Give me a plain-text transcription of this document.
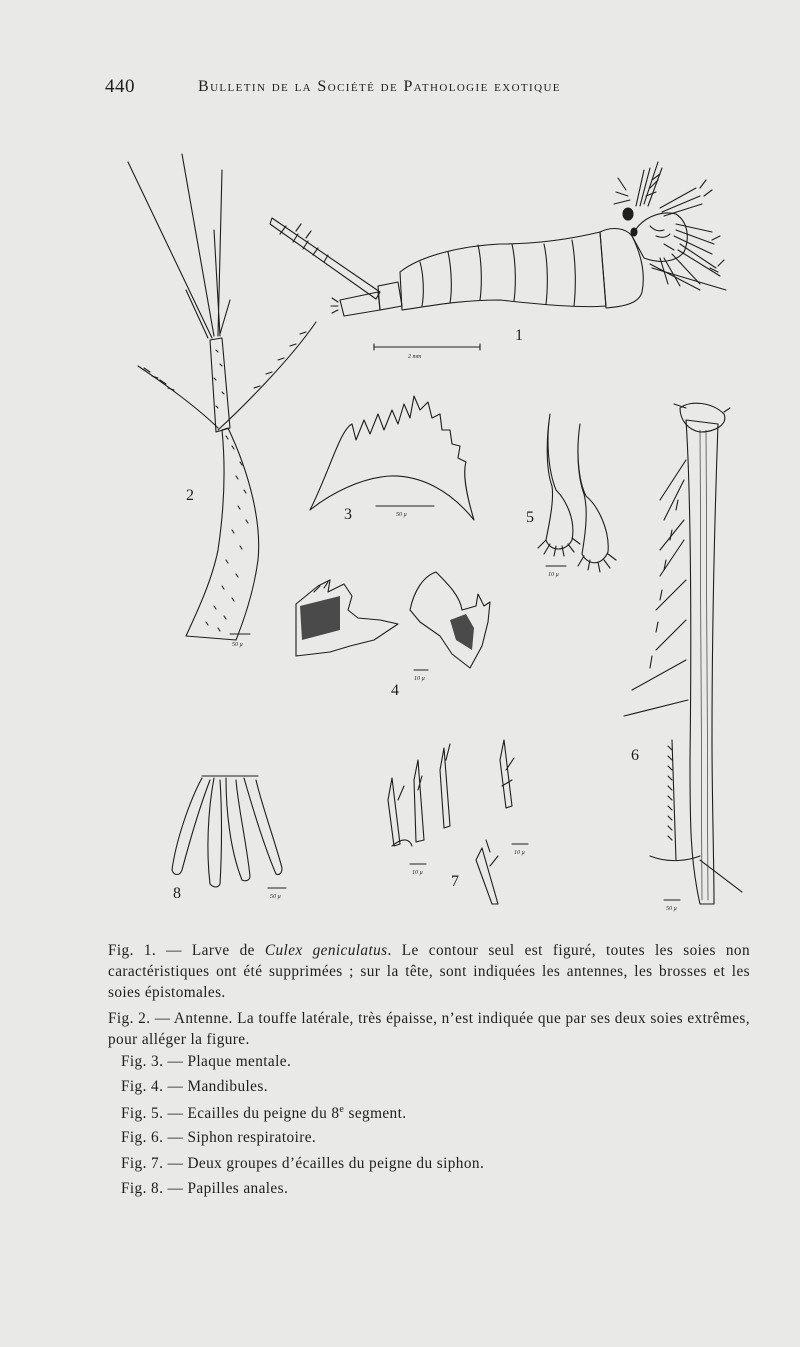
440	Bulletin de la Société de Pathologie exotique
1
2 mm
2
50 µ
3	50 µ
4
10 µ
5
10 µ
6
50 µ
7
10 µ
10 µ
8	50 µ
Fig. 1. — Larve de Culex geniculatus. Le contour seul est figuré, toutes les soies non caractéristiques ont été supprimées ; sur la tête, sont indiquées les antennes, les brosses et les soies épistomales.
Fig. 2. — Antenne. La touffe latérale, très épaisse, n’est indiquée que par ses deux soies extrêmes, pour alléger la figure.
Fig. 3. — Plaque mentale.
Fig. 4. — Mandibules.
Fig. 5. — Ecailles du peigne du 8e segment.
Fig. 6. — Siphon respiratoire.
Fig. 7. — Deux groupes d’écailles du peigne du siphon.
Fig. 8. — Papilles anales.
